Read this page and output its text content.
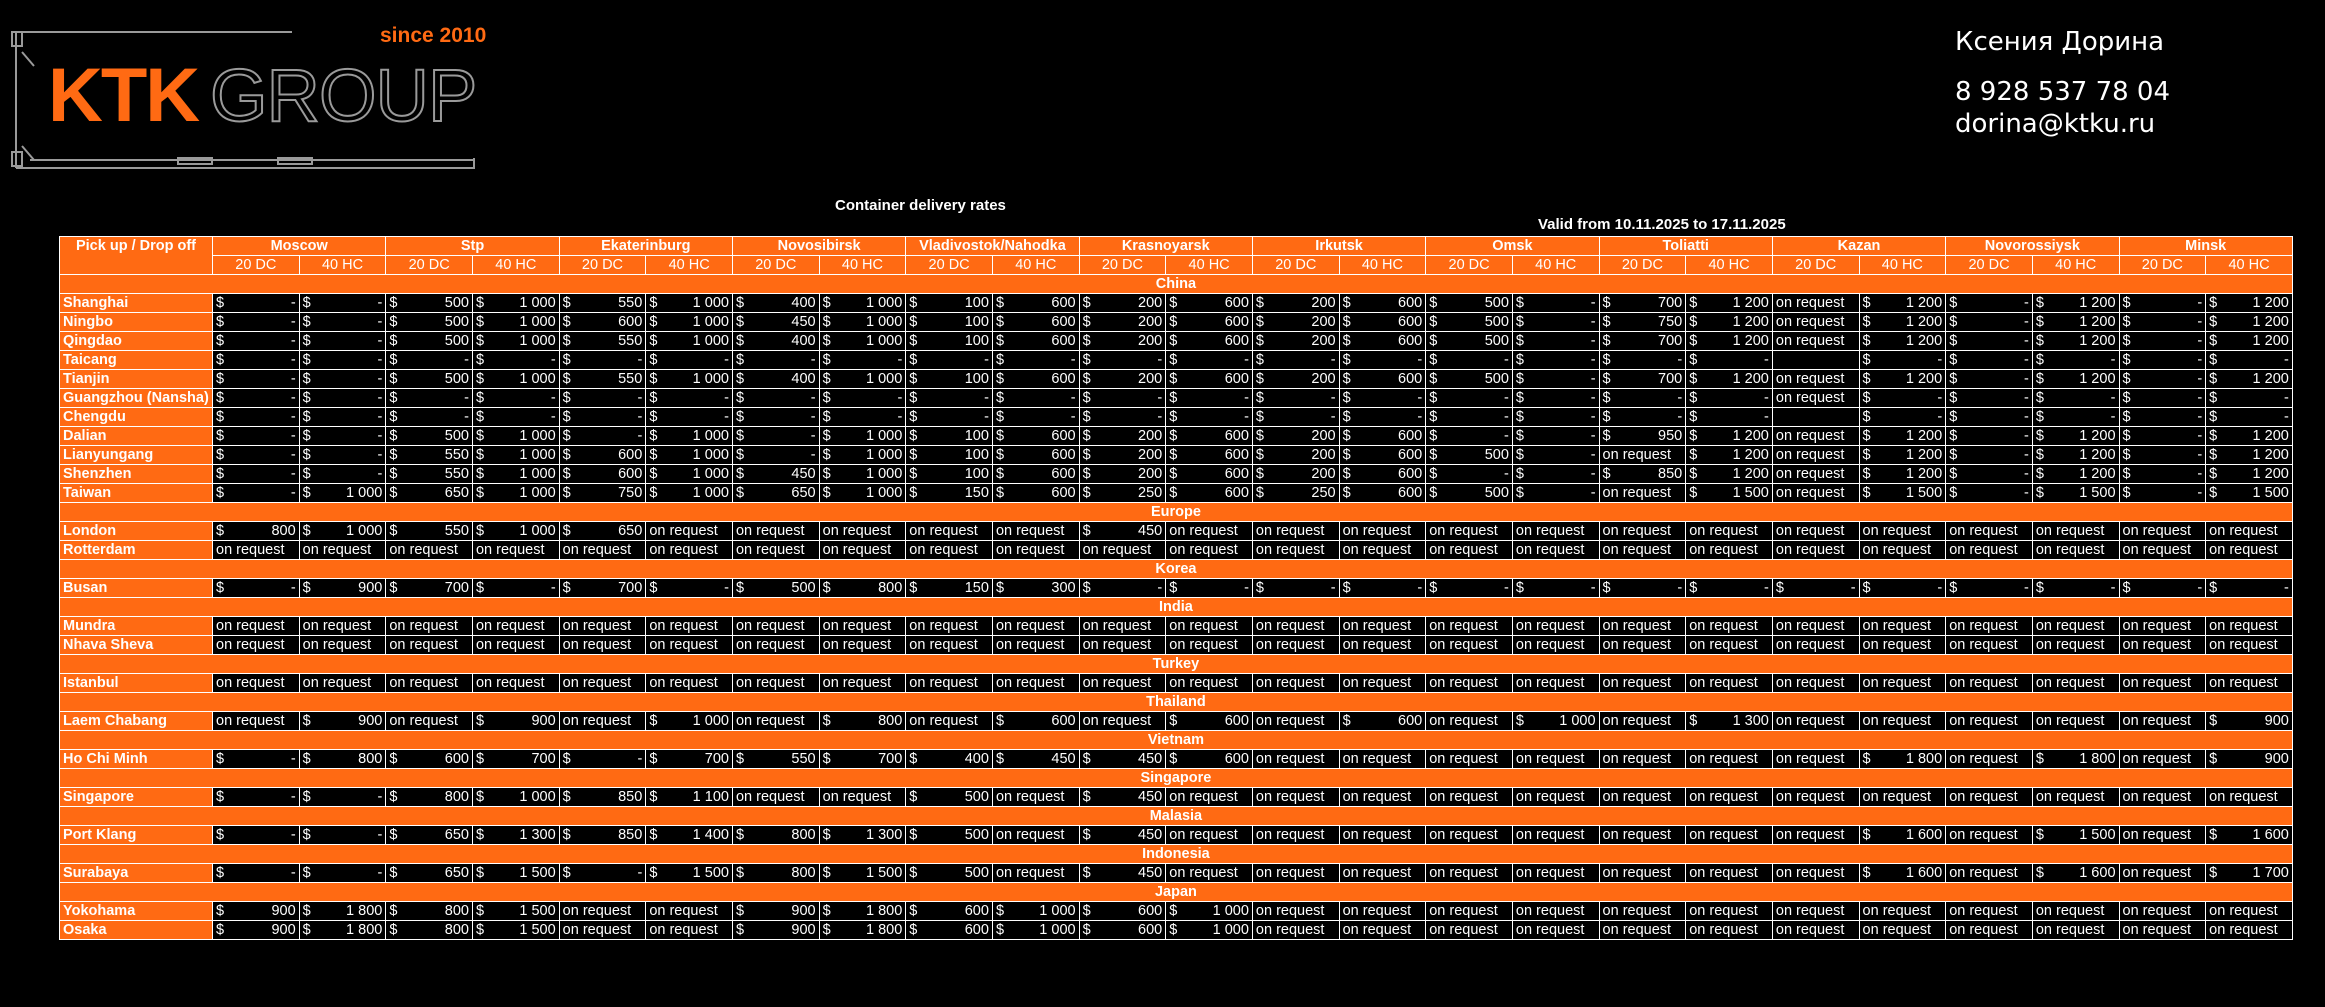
KTK GROUP
since 2010	Ксения Дорина
8 928 537 78 04
dorina@ktku.ru
Container delivery rates
Valid from 10.11.2025 to 17.11.2025
Pick up / Drop off	Moscow		Stp		Ekaterinburg		Novosibirsk		Vladivostok/Nahodka		Krasnoyarsk		Irkutsk		Omsk		Toliatti		Kazan		Novorossiysk		Minsk	
	20 DC	40 HC	20 DC	40 HC	20 DC	40 HC	20 DC	40 HC	20 DC	40 HC	20 DC	40 HC	20 DC	40 HC	20 DC	40 HC	20 DC	40 HC	20 DC	40 HC	20 DC	40 HC	20 DC	40 HC
China																								
Shanghai	$ -	$ -	$ 500	$ 1 000	$ 550	$ 1 000	$ 400	$ 1 000	$ 100	$ 600	$ 200	$ 600	$ 200	$ 600	$ 500	$ -	$ 700	$ 1 200	on request	$ 1 200	$ -	$ 1 200	$ -	$ 1 200

Ningbo	$ -	$ -	$ 500	$ 1 000	$ 600	$ 1 000	$ 450	$ 1 000	$ 100	$ 600	$ 200	$ 600	$ 200	$ 600	$ 500	$ -	$ 750	$ 1 200	on request	$ 1 200	$ -	$ 1 200	$ -	$ 1 200

Qingdao	$ -	$ -	$ 500	$ 1 000	$ 550	$ 1 000	$ 400	$ 1 000	$ 100	$ 600	$ 200	$ 600	$ 200	$ 600	$ 500	$ -	$ 700	$ 1 200	on request	$ 1 200	$ -	$ 1 200	$ -	$ 1 200

Taicang	$ -	$ -	$ -	$ -	$ -	$ -	$ -	$ -	$ -	$ -	$ -	$ -	$ -	$ -	$ -	$ -	$ -	$ -		$ -	$ -	$ -	$ -	$ -

Tianjin	$ -	$ -	$ 500	$ 1 000	$ 550	$ 1 000	$ 400	$ 1 000	$ 100	$ 600	$ 200	$ 600	$ 200	$ 600	$ 500	$ -	$ 700	$ 1 200	on request	$ 1 200	$ -	$ 1 200	$ -	$ 1 200

Guangzhou (Nansha)	$ -	$ -	$ -	$ -	$ -	$ -	$ -	$ -	$ -	$ -	$ -	$ -	$ -	$ -	$ -	$ -	$ -	$ -	on request	$ -	$ -	$ -	$ -	$ -

Chengdu	$ -	$ -	$ -	$ -	$ -	$ -	$ -	$ -	$ -	$ -	$ -	$ -	$ -	$ -	$ -	$ -	$ -	$ -		$ -	$ -	$ -	$ -	$ -

Dalian	$ -	$ -	$ 500	$ 1 000	$ -	$ 1 000	$ -	$ 1 000	$ 100	$ 600	$ 200	$ 600	$ 200	$ 600	$ -	$ -	$ 950	$ 1 200	on request	$ 1 200	$ -	$ 1 200	$ -	$ 1 200

Lianyungang	$ -	$ -	$ 550	$ 1 000	$ 600	$ 1 000	$ -	$ 1 000	$ 100	$ 600	$ 200	$ 600	$ 200	$ 600	$ 500	$ -	on request	$ 1 200	on request	$ 1 200	$ -	$ 1 200	$ -	$ 1 200

Shenzhen	$ -	$ -	$ 550	$ 1 000	$ 600	$ 1 000	$ 450	$ 1 000	$ 100	$ 600	$ 200	$ 600	$ 200	$ 600	$ -	$ -	$ 850	$ 1 200	on request	$ 1 200	$ -	$ 1 200	$ -	$ 1 200

Taiwan	$ -	$ 1 000	$ 650	$ 1 000	$ 750	$ 1 000	$ 650	$ 1 000	$ 150	$ 600	$ 250	$ 600	$ 250	$ 600	$ 500	$ -	on request	$ 1 500	on request	$ 1 500	$ -	$ 1 500	$ -	$ 1 500

Europe																								
London	$ 800	$ 1 000	$ 550	$ 1 000	$ 650	on request	on request	on request	on request	on request	$ 450	on request	on request	on request	on request	on request	on request	on request	on request	on request	on request	on request	on request	on request
Rotterdam	on request	on request	on request	on request	on request	on request	on request	on request	on request	on request	on request	on request	on request	on request	on request	on request	on request	on request	on request	on request	on request	on request	on request	on request
Korea																								
Busan	$ -	$ 900	$ 700	$ -	$ 700	$ -	$ 500	$ 800	$ 150	$ 300	$ -	$ -	$ -	$ -	$ -	$ -	$ -	$ -	$ -	$ -	$ -	$ -	$ -	$ -

India																								
Mundra	on request	on request	on request	on request	on request	on request	on request	on request	on request	on request	on request	on request	on request	on request	on request	on request	on request	on request	on request	on request	on request	on request	on request	on request
Nhava Sheva	on request	on request	on request	on request	on request	on request	on request	on request	on request	on request	on request	on request	on request	on request	on request	on request	on request	on request	on request	on request	on request	on request	on request	on request
Turkey																								
Istanbul	on request	on request	on request	on request	on request	on request	on request	on request	on request	on request	on request	on request	on request	on request	on request	on request	on request	on request	on request	on request	on request	on request	on request	on request
Thailand																								
Laem Chabang	on request	$ 900	on request	$ 900	on request	$ 1 000	on request	$ 800	on request	$ 600	on request	$ 600	on request	$ 600	on request	$ 1 000	on request	$ 1 300	on request	on request	on request	on request	on request	$ 900

Vietnam																								
Ho Chi Minh	$ -	$ 800	$ 600	$ 700	$ -	$ 700	$ 550	$ 700	$ 400	$ 450	$ 450	$ 600	on request	on request	on request	on request	on request	on request	on request	$ 1 800	on request	$ 1 800	on request	$ 900

Singapore																								
Singapore	$ -	$ -	$ 800	$ 1 000	$ 850	$ 1 100	on request	on request	$ 500	on request	$ 450	on request	on request	on request	on request	on request	on request	on request	on request	on request	on request	on request	on request	on request
Malasia																								
Port Klang	$ -	$ -	$ 650	$ 1 300	$ 850	$ 1 400	$ 800	$ 1 300	$ 500	on request	$ 450	on request	on request	on request	on request	on request	on request	on request	on request	$ 1 600	on request	$ 1 500	on request	$ 1 600

Indonesia																								
Surabaya	$ -	$ -	$ 650	$ 1 500	$ -	$ 1 500	$ 800	$ 1 500	$ 500	on request	$ 450	on request	on request	on request	on request	on request	on request	on request	on request	$ 1 600	on request	$ 1 600	on request	$ 1 700

Japan																								
Yokohama	$ 900	$ 1 800	$ 800	$ 1 500	on request	on request	$ 900	$ 1 800	$ 600	$ 1 000	$ 600	$ 1 000	on request	on request	on request	on request	on request	on request	on request	on request	on request	on request	on request	on request
Osaka	$ 900	$ 1 800	$ 800	$ 1 500	on request	on request	$ 900	$ 1 800	$ 600	$ 1 000	$ 600	$ 1 000	on request	on request	on request	on request	on request	on request	on request	on request	on request	on request	on request	on request
